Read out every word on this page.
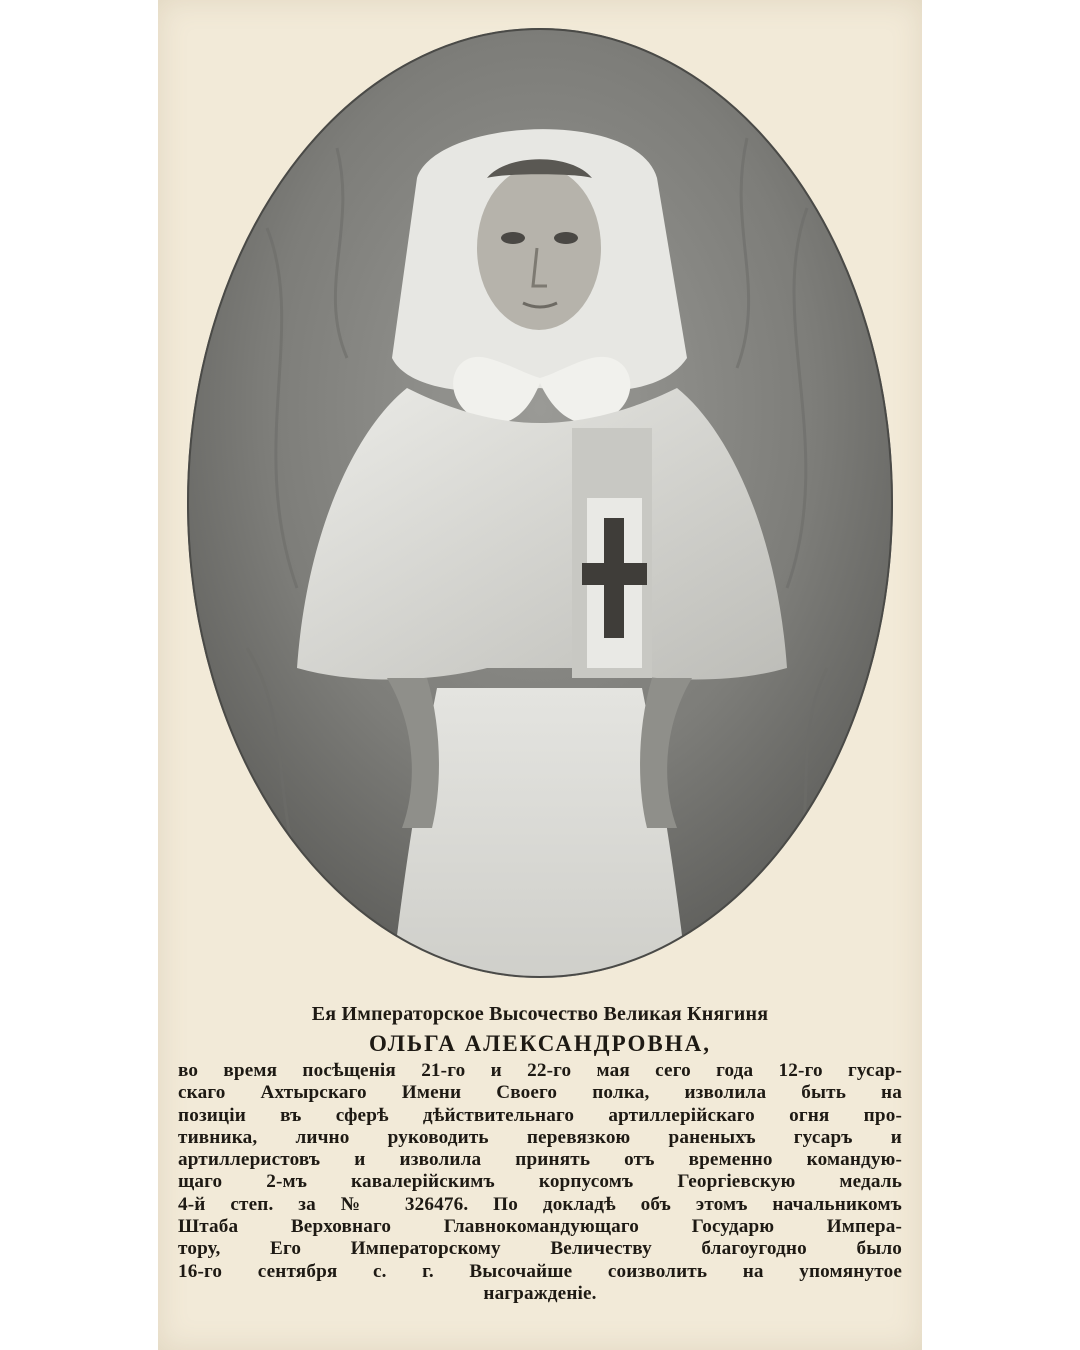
Ея Императорское Высочество Великая Княгиня

ОЛЬГА АЛЕКСАНДРОВНА,

во время посѣщенія 21-го и 22-го мая сего года 12-го гусар-
скаго Ахтырскаго Имени Своего полка, изволила быть на
позиціи въ сферѣ дѣйствительнаго артиллерійскаго огня про-
тивника, лично руководить перевязкою раненыхъ гусаръ и
артиллеристовъ и изволила принять отъ временно командую-
щаго 2-мъ кавалерійскимъ корпусомъ Георгіевскую медаль
4-й степ. за № 326476. По докладѣ объ этомъ начальникомъ
Штаба Верховнаго Главнокомандующаго Государю Импера-
тору, Его Императорскому Величеству благоугодно было
16-го сентября с. г. Высочайше соизволить на упомянутое
награжденіе.
